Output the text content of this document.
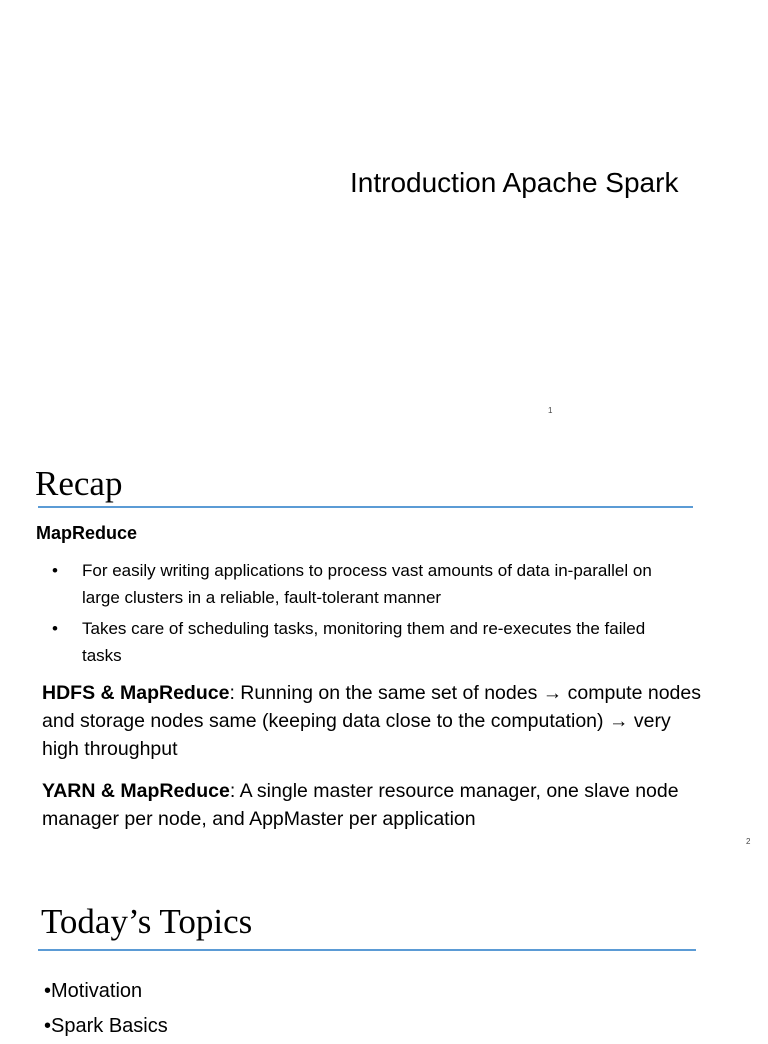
Introduction Apache Spark
1
Recap
MapReduce
• For easily writing applications to process vast amounts of data in-parallel on large clusters in a reliable, fault-tolerant manner
• Takes care of scheduling tasks, monitoring them and re-executes the failed tasks
HDFS & MapReduce: Running on the same set of nodes → compute nodes and storage nodes same (keeping data close to the computation) → very high throughput
YARN & MapReduce: A single master resource manager, one slave node manager per node, and AppMaster per application
2
Today’s Topics
•Motivation
•Spark Basics
